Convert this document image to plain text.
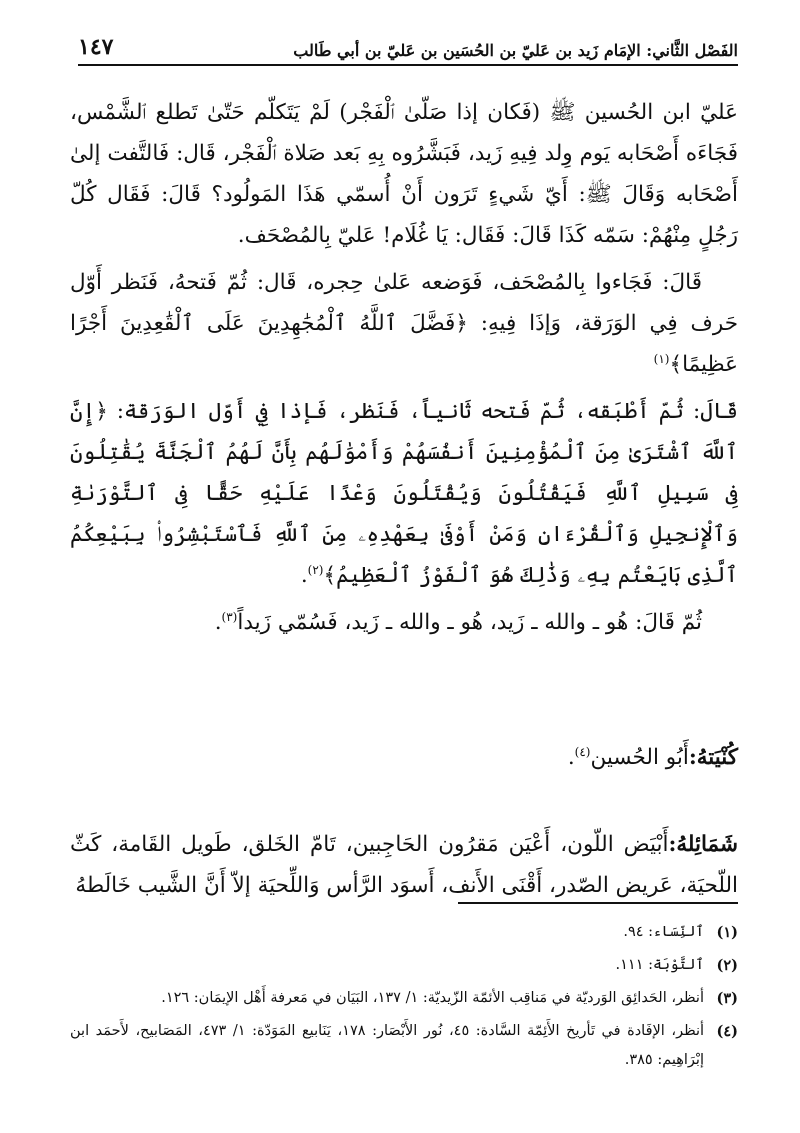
الفَصْل الثَّاني: الإمَام زَيد بن عَليّ بن الحُسَين بن عَليّ بن أبي طَالب
١٤٧

عَليّ ابن الحُسين ﷺ (فَكان إذا صَلّىٰ ٱلْفَجْر) لَمْ يَتَكلّم حَتّىٰ تَطلع ٱلشَّمْس، فَجَاءَه أَصْحَابه يَوم وِلد فِيهِ زَيد، فَبَشَّرُوه بِهِ بَعد صَلاة ٱلْفَجْر، قَال: فَالتَّفت إلىٰ أَصْحَابه وَقَالَ ﷺ: أَيّ شَيءٍ تَرَون أَنْ أُسمّي هَذَا المَولُود؟ قَالَ: فَقَال كُلّ رَجُلٍ مِنْهُمْ: سَمّه كَذَا قَالَ: فَقَال: يَا غُلَام! عَليّ بِالمُصْحَف.

قَالَ: فَجَاءوا بِالمُصْحَف، فَوَضعه عَلىٰ حِجره، قَال: ثُمّ فَتحهُ، فَنَظر أَوّل حَرف فِي الوَرَقة، وَإذَا فِيهِ: ﴿فَضَّلَ ٱللَّهُ ٱلْمُجَٰهِدِينَ عَلَى ٱلْقَٰعِدِينَ أَجْرًا عَظِيمًا﴾$^{(١)}$

قَالَ: ثُمّ أَطْبَقه، ثُمّ فَتحه ثَانياً، فَنَظر، فَإذا فِي أَوّل الوَرَقة: ﴿إِنَّ ٱللَّهَ ٱشْتَرَىٰ مِنَ ٱلْمُؤْمِنِينَ أَنفُسَهُمْ وَأَمْوَٰلَهُم بِأَنَّ لَهُمُ ٱلْجَنَّةَ يُقَٰتِلُونَ فِى سَبِيلِ ٱللَّهِ فَيَقْتُلُونَ وَيُقْتَلُونَ وَعْدًا عَلَيْهِ حَقًّا فِى ٱلتَّوْرَىٰةِ وَٱلْإِنجِيلِ وَٱلْقُرْءَانِ وَمَنْ أَوْفَىٰ بِعَهْدِهِۦ مِنَ ٱللَّهِ فَٱسْتَبْشِرُوا۟ بِبَيْعِكُمُ ٱلَّذِى بَايَعْتُم بِهِۦ وَذَٰلِكَ هُوَ ٱلْفَوْزُ ٱلْعَظِيمُ﴾$^{(٢)}$.

ثُمّ قَالَ: هُو ـ والله ـ زَيد، هُو ـ والله ـ زَيد، فَسُمّي زَيداً$^{(٣)}$.

كُنْيَتهُ:أَبُو الحُسين$^{(٤)}$.

شَمَائِلهُ:أَبْيَض اللّون، أَعْيَن مَقرُون الحَاجِبين، تَامّ الخَلق، طَويل القَامة، كَثّ اللّحيَة، عَريض الصّدر، أَقْنَى الأَنف، أَسوَد الرَّأس وَاللِّحيَة إلاّ أَنَّ الشَّيب خَالَطهُ

(١)
ٱلنِّسَاء: ٩٤.
(٢)
ٱلتَّوْبَة: ١١١.
(٣)
أنظر، الحَدائِق الوَرديّة في مَناقِب الأئمّة الزّيديّة: ١/ ١٣٧، البَيَان في مَعرفة أَهْل الإيمَان: ١٢٦.
(٤)
أنظر، الإفَادة في تَأريخ الأَئِمّة السَّادة: ٤٥، نُور الأَبْصَار: ١٧٨، يَنَابيع المَوَدّة: ١/ ٤٧٣، المَصَابيح، لأَحمَد ابن إبْرَاهِيم: ٣٨٥.
